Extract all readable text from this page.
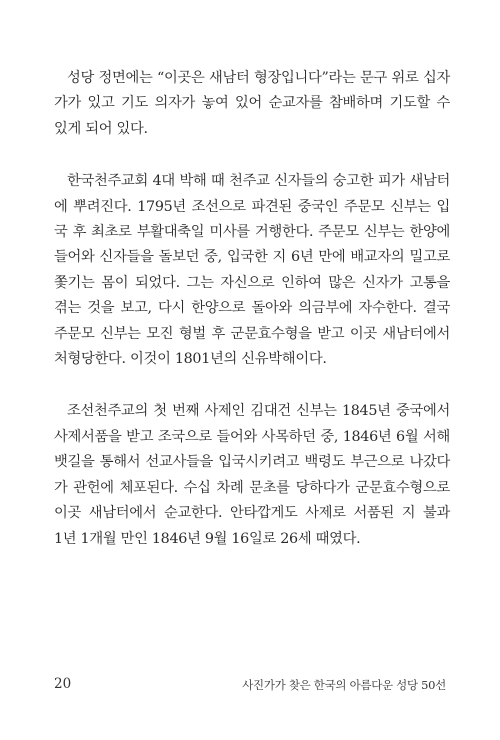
성당 정면에는 “이곳은 새남터 형장입니다”라는 문구 위로 십자
가가 있고 기도 의자가 놓여 있어 순교자를 참배하며 기도할 수
있게 되어 있다.

한국천주교회 4대 박해 때 천주교 신자들의 숭고한 피가 새남터
에 뿌려진다. 1795년 조선으로 파견된 중국인 주문모 신부는 입
국 후 최초로 부활대축일 미사를 거행한다. 주문모 신부는 한양에
들어와 신자들을 돌보던 중, 입국한 지 6년 만에 배교자의 밀고로
쫓기는 몸이 되었다. 그는 자신으로 인하여 많은 신자가 고통을
겪는 것을 보고, 다시 한양으로 돌아와 의금부에 자수한다. 결국
주문모 신부는 모진 형벌 후 군문효수형을 받고 이곳 새남터에서
처형당한다. 이것이 1801년의 신유박해이다.

조선천주교의 첫 번째 사제인 김대건 신부는 1845년 중국에서
사제서품을 받고 조국으로 들어와 사목하던 중, 1846년 6월 서해
뱃길을 통해서 선교사들을 입국시키려고 백령도 부근으로 나갔다
가 관헌에 체포된다. 수십 차례 문초를 당하다가 군문효수형으로
이곳 새남터에서 순교한다. 안타깝게도 사제로 서품된 지 불과
1년 1개월 만인 1846년 9월 16일로 26세 때였다.

20	사진가가 찾은 한국의 아름다운 성당 50선
